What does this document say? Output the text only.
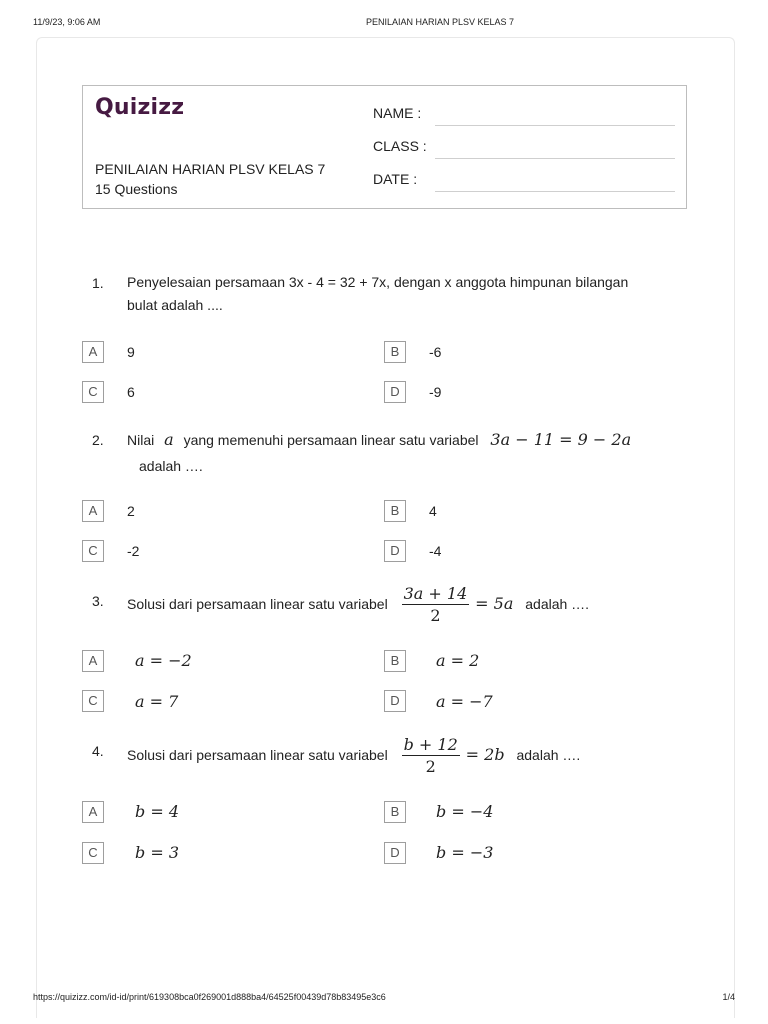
11/9/23, 9:06 AM	PENILAIAN HARIAN PLSV KELAS 7
Quizizz
PENILAIAN HARIAN PLSV KELAS 7
15 Questions
NAME :
CLASS :
DATE :
1. Penyelesaian persamaan 3x - 4 = 32 + 7x, dengan x anggota himpunan bilangan
bulat adalah ....
A	9	B	-6
C	6	D	-9
2. Nilai a yang memenuhi persamaan linear satu variabel 3a − 11 = 9 − 2a
adalah ….
A	2	B	4
C	-2	D	-4
3. Solusi dari persamaan linear satu variabel $\frac{3a + 14}{2} = 5a$ adalah ….
A	a = −2	B	a = 2
C	a = 7	D	a = −7
4. Solusi dari persamaan linear satu variabel $\frac{b + 12}{2} = 2b$ adalah ….
A	b = 4	B	b = −4
C	b = 3	D	b = −3
https://quizizz.com/id-id/print/619308bca0f269001d888ba4/64525f00439d78b83495e3c6	1/4
